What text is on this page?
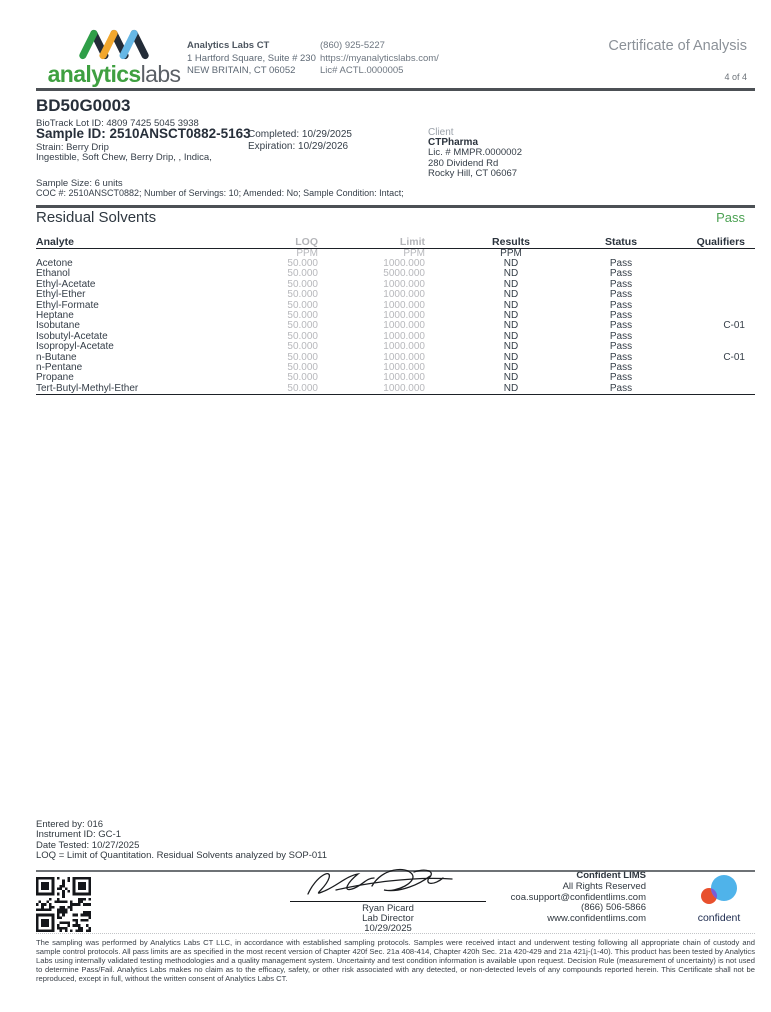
analyticslabs
Analytics Labs CT
1 Hartford Square, Suite # 230
NEW BRITAIN, CT 06052
(860) 925-5227
https://myanalyticslabs.com/
Lic# ACTL.0000005
Certificate of Analysis
4 of 4
BD50G0003
BioTrack Lot ID: 4809 7425 5045 3938
Sample ID: 2510ANSCT0882-5163
Completed: 10/29/2025
Expiration: 10/29/2026
Strain: Berry Drip
Ingestible, Soft Chew, Berry Drip, , Indica,
Client
CTPharma
Lic. # MMPR.0000002
280 Dividend Rd
Rocky Hill, CT 06067
Sample Size: 6 units
COC #: 2510ANSCT0882; Number of Servings: 10; Amended: No; Sample Condition: Intact;
Residual Solvents	Pass
Analyte	LOQ	Limit	Results	Status	Qualifiers
	PPM	PPM	PPM		
Acetone	50.000	1000.000	ND	Pass	
Ethanol	50.000	5000.000	ND	Pass	
Ethyl-Acetate	50.000	1000.000	ND	Pass	
Ethyl-Ether	50.000	1000.000	ND	Pass	
Ethyl-Formate	50.000	1000.000	ND	Pass	
Heptane	50.000	1000.000	ND	Pass	
Isobutane	50.000	1000.000	ND	Pass	C-01
Isobutyl-Acetate	50.000	1000.000	ND	Pass	
Isopropyl-Acetate	50.000	1000.000	ND	Pass	
n-Butane	50.000	1000.000	ND	Pass	C-01
n-Pentane	50.000	1000.000	ND	Pass	
Propane	50.000	1000.000	ND	Pass	
Tert-Butyl-Methyl-Ether	50.000	1000.000	ND	Pass	
Entered by: 016
Instrument ID: GC-1
Date Tested: 10/27/2025
LOQ = Limit of Quantitation. Residual Solvents analyzed by SOP-011
Ryan Picard
Lab Director
10/29/2025
Confident LIMS
All Rights Reserved
coa.support@confidentlims.com
(866) 506-5866
www.confidentlims.com	confident
The sampling was performed by Analytics Labs CT LLC, in accordance with established sampling protocols. Samples were received intact and underwent testing following all appropriate chain of custody and sample control protocols. All pass limits are as specified in the most recent version of Chapter 420f Sec. 21a 408-414, Chapter 420h Sec. 21a 420-429 and 21a 421j-(1-40). This product has been tested by Analytics Labs using internally validated testing methodologies and a quality management system. Uncertainty and test condition information is available upon request. Decision Rule (measurement of uncertainty) is not used to determine Pass/Fail. Analytics Labs makes no claim as to the efficacy, safety, or other risk associated with any detected, or non-detected levels of any compounds reported herein. This Certificate shall not be reproduced, except in full, without the written consent of Analytics Labs CT.
